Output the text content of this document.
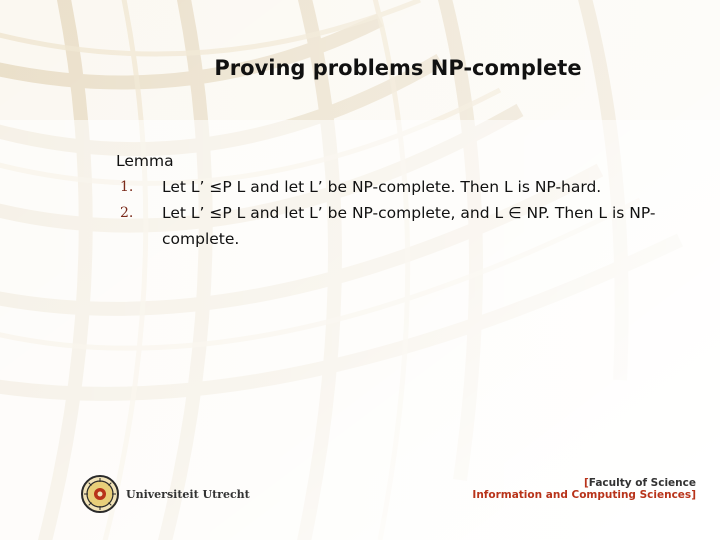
Proving problems NP-complete
Lemma
1. Let L’ ≤P L and let L’ be NP-complete. Then L is NP-hard.
2. Let L’ ≤P L and let L’ be NP-complete, and L ∈ NP. Then L is NP-complete.
Universiteit Utrecht
[Faculty of Science
Information and Computing Sciences]
